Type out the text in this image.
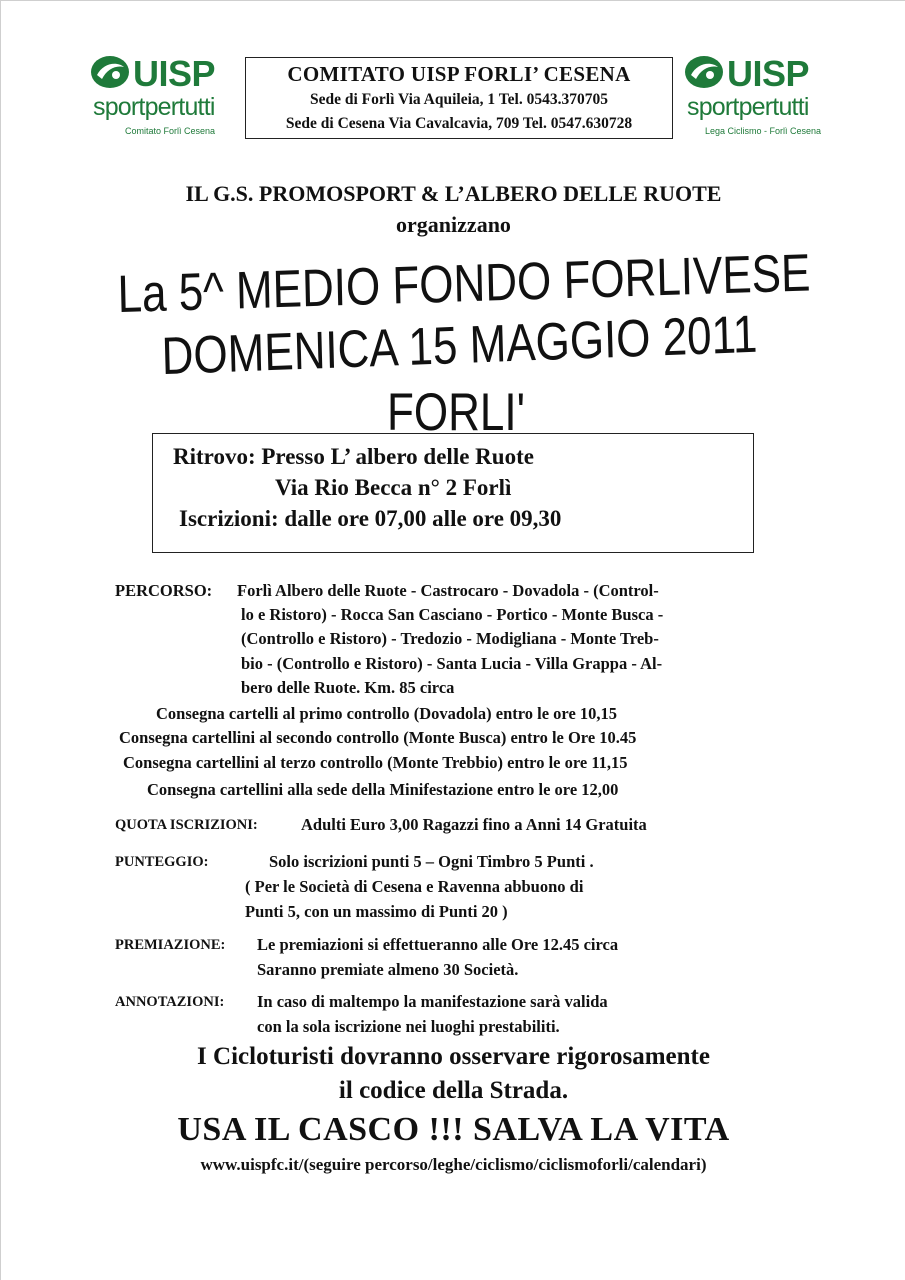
UISP
sportpertutti
Comitato Forlì Cesena
COMITATO UISP FORLI’ CESENA
Sede di Forlì Via Aquileia, 1 Tel. 0543.370705
Sede di Cesena Via Cavalcavia, 709 Tel. 0547.630728
UISP
sportpertutti
Lega Ciclismo - Forlì Cesena
IL G.S. PROMOSPORT & L’ALBERO DELLE RUOTE
organizzano
La 5^ MEDIO FONDO FORLIVESE
DOMENICA 15 MAGGIO 2011
FORLI'
Ritrovo: Presso L’ albero delle Ruote
Via Rio Becca n° 2 Forlì
Iscrizioni: dalle ore 07,00 alle ore 09,30
PERCORSO: Forlì Albero delle Ruote - Castrocaro - Dovadola - (Control-
lo e Ristoro) - Rocca San Casciano - Portico - Monte Busca -
(Controllo e Ristoro) - Tredozio - Modigliana - Monte Treb-
bio - (Controllo e Ristoro) - Santa Lucia - Villa Grappa - Al-
bero delle Ruote. Km. 85 circa
Consegna cartelli al primo controllo (Dovadola) entro le ore 10,15
Consegna cartellini al secondo controllo (Monte Busca) entro le Ore 10.45
Consegna cartellini al terzo controllo (Monte Trebbio) entro le ore 11,15
Consegna cartellini alla sede della Minifestazione entro le ore 12,00
QUOTA ISCRIZIONI:	Adulti Euro 3,00 Ragazzi fino a Anni 14 Gratuita
PUNTEGGIO:	Solo iscrizioni punti 5 – Ogni Timbro 5 Punti .
( Per le Società di Cesena e Ravenna abbuono di
Punti 5, con un massimo di Punti 20 )
PREMIAZIONE: Le premiazioni si effettueranno alle Ore 12.45 circa
Saranno premiate almeno 30 Società.
ANNOTAZIONI: In caso di maltempo la manifestazione sarà valida
con la sola iscrizione nei luoghi prestabiliti.
I Cicloturisti dovranno osservare rigorosamente
il codice della Strada.
USA IL CASCO !!! SALVA LA VITA
www.uispfc.it/(seguire percorso/leghe/ciclismo/ciclismoforli/calendari)
